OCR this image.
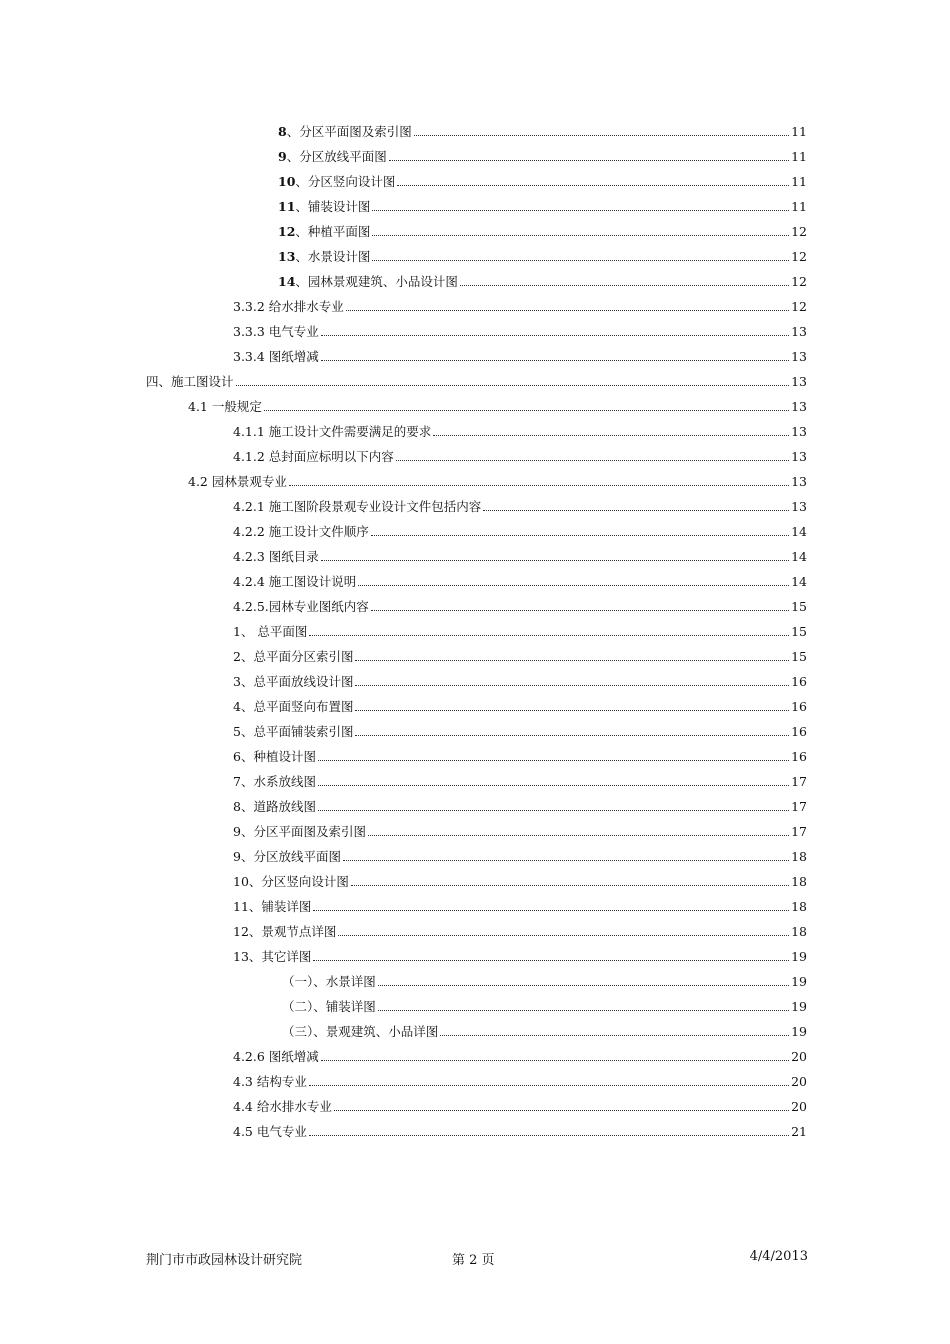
8、分区平面图及索引图	11
9、分区放线平面图	11
10、分区竖向设计图	11
11、铺装设计图	11
12、种植平面图	12
13、水景设计图	12
14、园林景观建筑、小品设计图	12
3.3.2 给水排水专业	12
3.3.3 电气专业	13
3.3.4 图纸增减	13
四、施工图设计	13
4.1 一般规定	13
4.1.1 施工设计文件需要满足的要求	13
4.1.2 总封面应标明以下内容	13
4.2 园林景观专业	13
4.2.1 施工图阶段景观专业设计文件包括内容	13
4.2.2 施工设计文件顺序	14
4.2.3 图纸目录	14
4.2.4 施工图设计说明	14
4.2.5.园林专业图纸内容	15
1、 总平面图	15
2、总平面分区索引图	15
3、总平面放线设计图	16
4、总平面竖向布置图	16
5、总平面铺装索引图	16
6、种植设计图	16
7、水系放线图	17
8、道路放线图	17
9、分区平面图及索引图	17
9、分区放线平面图	18
10、分区竖向设计图	18
11、铺装详图	18
12、景观节点详图	18
13、其它详图	19
（一）、水景详图	19
（二）、铺装详图	19
（三）、景观建筑、小品详图	19
4.2.6 图纸增减	20
4.3 结构专业	20
4.4 给水排水专业	20
4.5 电气专业	21
荆门市市政园林设计研究院	第 2 页	4/4/2013
